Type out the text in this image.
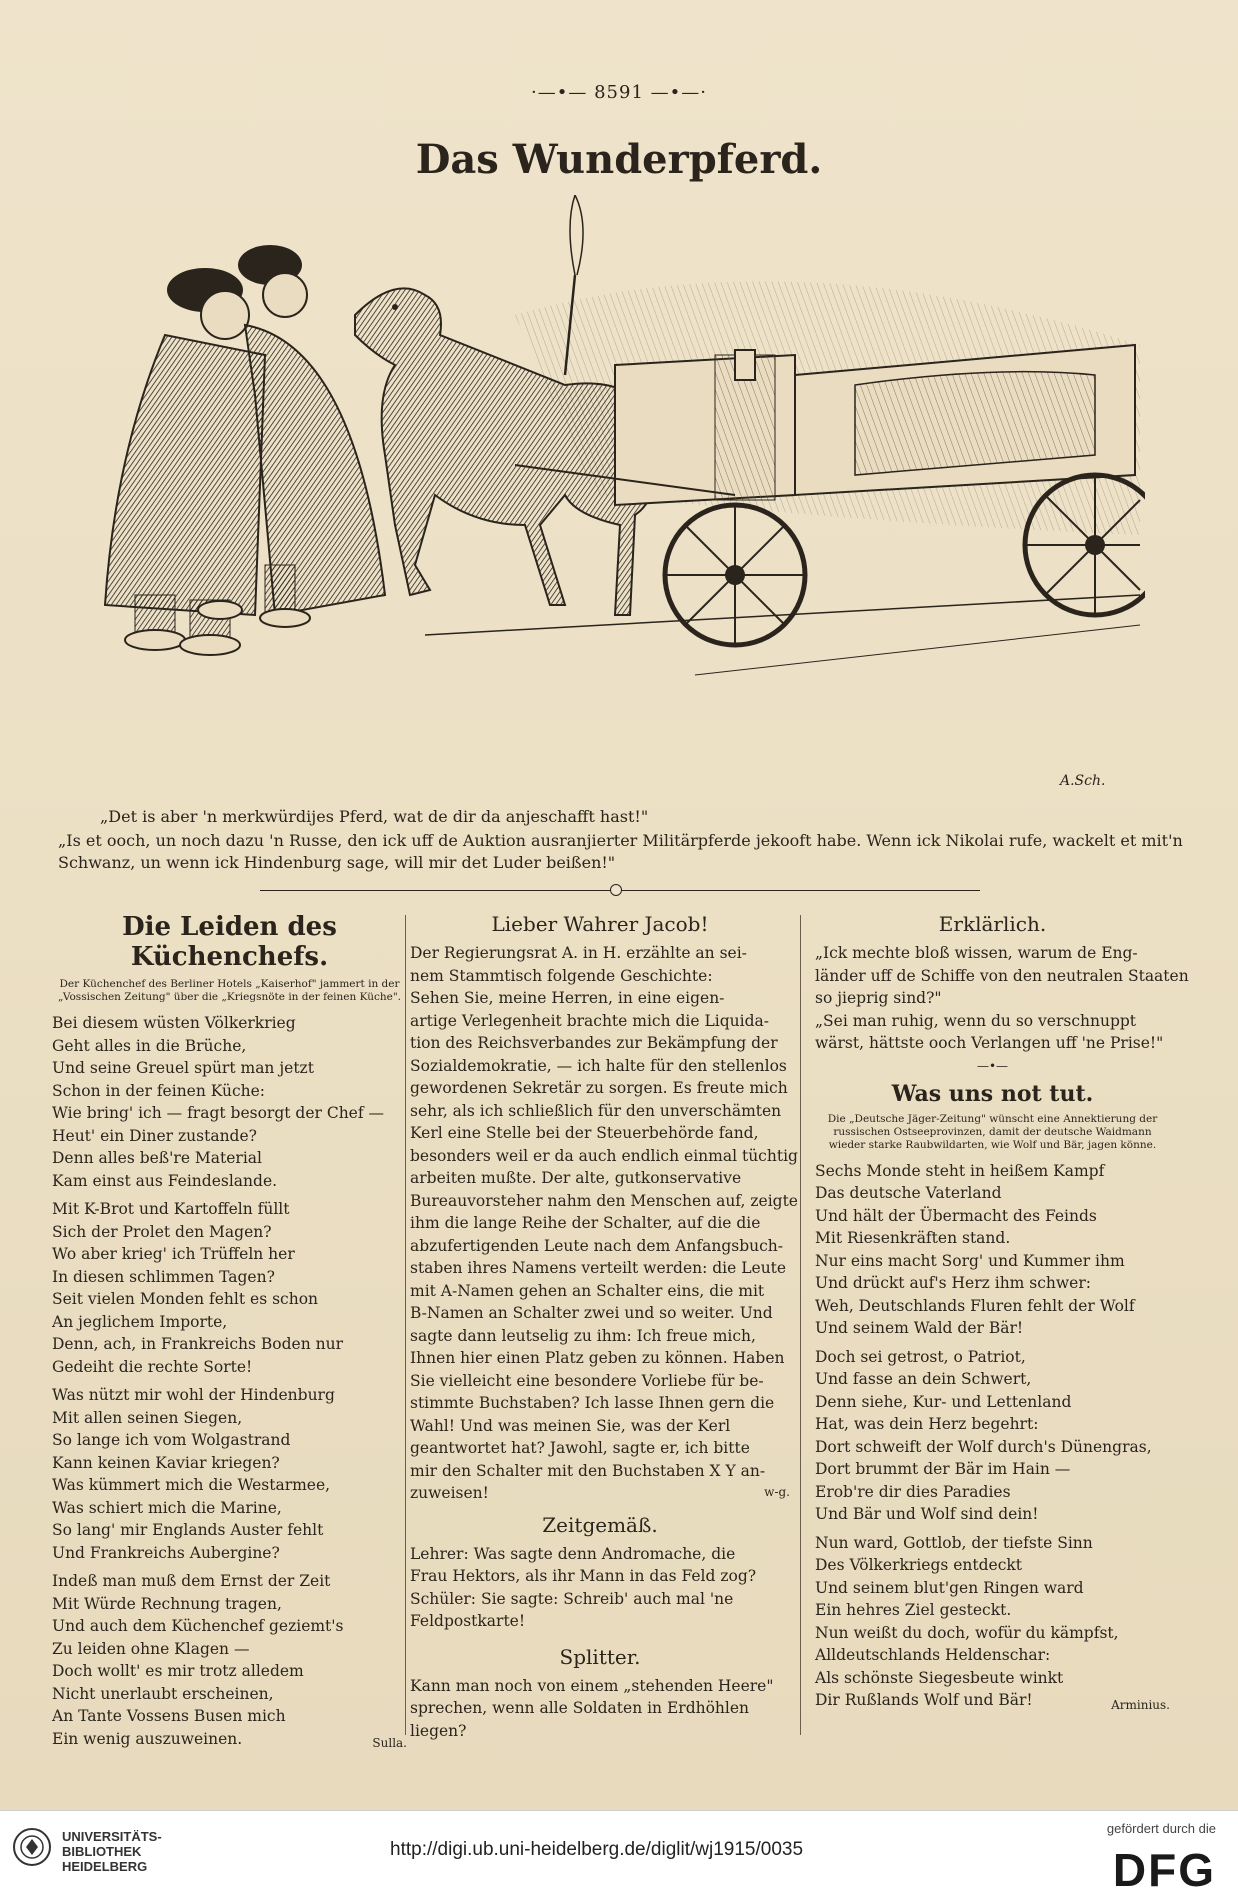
·—•— 8591 —•—·
Das Wunderpferd.
A.Sch.
„Det is aber 'n merkwürdijes Pferd, wat de dir da anjeschafft hast!"
„Is et ooch, un noch dazu 'n Russe, den ick uff de Auktion ausranjierter Militärpferde jekooft habe. Wenn ick Nikolai rufe, wackelt et mit'n Schwanz, un wenn ick Hindenburg sage, will mir det Luder beißen!"
Die Leiden des Küchenchefs.
Der Küchenchef des Berliner Hotels „Kaiserhof" jammert in der „Vossischen Zeitung" über die „Kriegsnöte in der feinen Küche".
Bei diesem wüsten Völkerkrieg
Geht alles in die Brüche,
Und seine Greuel spürt man jetzt
Schon in der feinen Küche:
Wie bring' ich — fragt besorgt der Chef —
Heut' ein Diner zustande?
Denn alles beß're Material
Kam einst aus Feindeslande.
Mit K-Brot und Kartoffeln füllt
Sich der Prolet den Magen?
Wo aber krieg' ich Trüffeln her
In diesen schlimmen Tagen?
Seit vielen Monden fehlt es schon
An jeglichem Importe,
Denn, ach, in Frankreichs Boden nur
Gedeiht die rechte Sorte!
Was nützt mir wohl der Hindenburg
Mit allen seinen Siegen,
So lange ich vom Wolgastrand
Kann keinen Kaviar kriegen?
Was kümmert mich die Westarmee,
Was schiert mich die Marine,
So lang' mir Englands Auster fehlt
Und Frankreichs Aubergine?
Indeß man muß dem Ernst der Zeit
Mit Würde Rechnung tragen,
Und auch dem Küchenchef geziemt's
Zu leiden ohne Klagen —
Doch wollt' es mir trotz alledem
Nicht unerlaubt erscheinen,
An Tante Vossens Busen mich
Ein wenig auszuweinen.	Sulla.
Lieber Wahrer Jacob!

Der Regierungsrat A. in H. erzählte an sei-

nem Stammtisch folgende Geschichte:

Sehen Sie, meine Herren, in eine eigen-

artige Verlegenheit brachte mich die Liquida-

tion des Reichsverbandes zur Bekämpfung der

Sozialdemokratie, — ich halte für den stellenlos

gewordenen Sekretär zu sorgen. Es freute mich

sehr, als ich schließlich für den unverschämten

Kerl eine Stelle bei der Steuerbehörde fand,

besonders weil er da auch endlich einmal tüchtig

arbeiten mußte. Der alte, gutkonservative

Bureauvorsteher nahm den Menschen auf, zeigte

ihm die lange Reihe der Schalter, auf die die

abzufertigenden Leute nach dem Anfangsbuch-

staben ihres Namens verteilt werden: die Leute

mit A-Namen gehen an Schalter eins, die mit

B-Namen an Schalter zwei und so weiter. Und

sagte dann leutselig zu ihm: Ich freue mich,

Ihnen hier einen Platz geben zu können. Haben

Sie vielleicht eine besondere Vorliebe für be-

stimmte Buchstaben? Ich lasse Ihnen gern die

Wahl! Und was meinen Sie, was der Kerl

geantwortet hat? Jawohl, sagte er, ich bitte

mir den Schalter mit den Buchstaben X Y an-

zuweisen!	w-g.
Zeitgemäß.

Lehrer: Was sagte denn Andromache, die

Frau Hektors, als ihr Mann in das Feld zog?

Schüler: Sie sagte: Schreib' auch mal 'ne

Feldpostkarte!

Splitter.

Kann man noch von einem „stehenden Heere"

sprechen, wenn alle Soldaten in Erdhöhlen

liegen?

Erklärlich.

„Ick mechte bloß wissen, warum de Eng-

länder uff de Schiffe von den neutralen Staaten

so jieprig sind?"

„Sei man ruhig, wenn du so verschnuppt

wärst, hättste ooch Verlangen uff 'ne Prise!"

—•—
Was uns not tut.
Die „Deutsche Jäger-Zeitung" wünscht eine Annektierung der russischen Ostseeprovinzen, damit der deutsche Waidmann wieder starke Raubwildarten, wie Wolf und Bär, jagen könne.
Sechs Monde steht in heißem Kampf
Das deutsche Vaterland
Und hält der Übermacht des Feinds
Mit Riesenkräften stand.
Nur eins macht Sorg' und Kummer ihm
Und drückt auf's Herz ihm schwer:
Weh, Deutschlands Fluren fehlt der Wolf
Und seinem Wald der Bär!
Doch sei getrost, o Patriot,
Und fasse an dein Schwert,
Denn siehe, Kur- und Lettenland
Hat, was dein Herz begehrt:
Dort schweift der Wolf durch's Dünengras,
Dort brummt der Bär im Hain —
Erob're dir dies Paradies
Und Bär und Wolf sind dein!
Nun ward, Gottlob, der tiefste Sinn
Des Völkerkriegs entdeckt
Und seinem blut'gen Ringen ward
Ein hehres Ziel gesteckt.
Nun weißt du doch, wofür du kämpfst,
Alldeutschlands Heldenschar:
Als schönste Siegesbeute winkt
Dir Rußlands Wolf und Bär!	Arminius.
UNIVERSITÄTS-
BIBLIOTHEK
HEIDELBERG
http://digi.ub.uni-heidelberg.de/diglit/wj1915/0035
gefördert durch die
DFG
